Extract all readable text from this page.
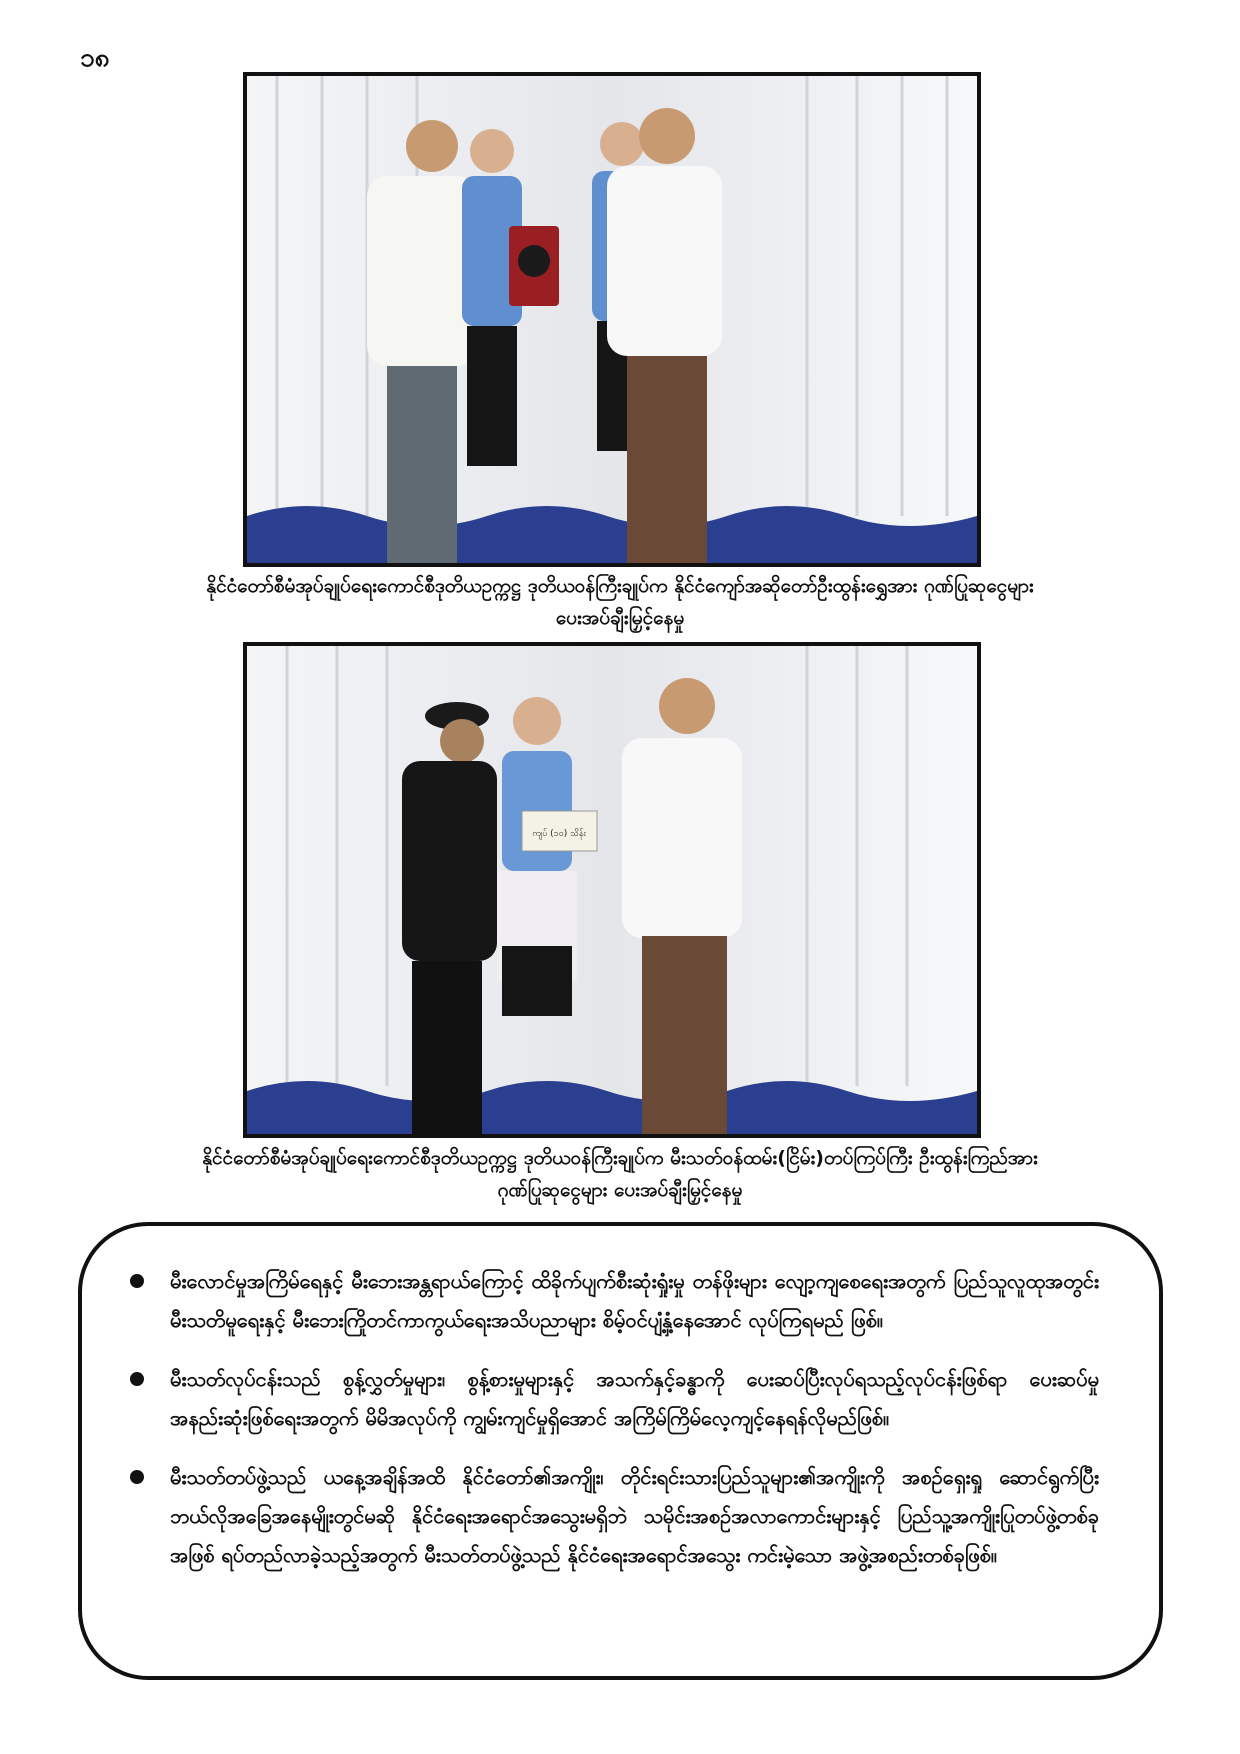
၁၈
နိုင်ငံတော်စီမံအုပ်ချုပ်ရေးကောင်စီဒုတိယဥက္ကဋ္ဌ ဒုတိယဝန်ကြီးချုပ်က နိုင်ငံကျော်အဆိုတော်ဦးထွန်းရွှေအား ဂုဏ်ပြုဆုငွေများ
ပေးအပ်ချီးမြှင့်နေမှု
ကျပ် (၁၀) သိန်း
နိုင်ငံတော်စီမံအုပ်ချုပ်ရေးကောင်စီဒုတိယဥက္ကဋ္ဌ ဒုတိယဝန်ကြီးချုပ်က မီးသတ်ဝန်ထမ်း(ငြိမ်း)တပ်ကြပ်ကြီး ဦးထွန်းကြည်အား
ဂုဏ်ပြုဆုငွေများ ပေးအပ်ချီးမြှင့်နေမှု
မီးလောင်မှုအကြိမ်ရေနှင့် မီးဘေးအန္တရာယ်ကြောင့် ထိခိုက်ပျက်စီးဆုံးရှုံးမှု တန်ဖိုးများ လျော့ကျစေရေးအတွက် ပြည်သူလူထုအတွင်း မီးသတိမူရေးနှင့် မီးဘေးကြိုတင်ကာကွယ်ရေးအသိပညာများ စိမ့်ဝင်ပျံ့နှံ့နေအောင် လုပ်ကြရမည် ဖြစ်။
မီးသတ်လုပ်ငန်းသည် စွန့်လွှတ်မှုများ၊ စွန့်စားမှုများနှင့် အသက်နှင့်ခန္ဓာကို ပေးဆပ်ပြီးလုပ်ရသည့်လုပ်ငန်းဖြစ်ရာ ပေးဆပ်မှုအနည်းဆုံးဖြစ်ရေးအတွက် မိမိအလုပ်ကို ကျွမ်းကျင်မှုရှိအောင် အကြိမ်ကြိမ်လေ့ကျင့်နေရန်လိုမည်ဖြစ်။
မီးသတ်တပ်ဖွဲ့သည် ယနေ့အချိန်အထိ နိုင်ငံတော်၏အကျိုး၊ တိုင်းရင်းသားပြည်သူများ၏အကျိုးကို အစဉ်ရှေးရှု ဆောင်ရွက်ပြီး ဘယ်လိုအခြေအနေမျိုးတွင်မဆို နိုင်ငံရေးအရောင်အသွေးမရှိဘဲ သမိုင်းအစဉ်အလာကောင်းများနှင့် ပြည်သူ့အကျိုးပြုတပ်ဖွဲ့တစ်ခုအဖြစ် ရပ်တည်လာခဲ့သည့်အတွက် မီးသတ်တပ်ဖွဲ့သည် နိုင်ငံရေးအရောင်အသွေး ကင်းမဲ့သော အဖွဲ့အစည်းတစ်ခုဖြစ်။
